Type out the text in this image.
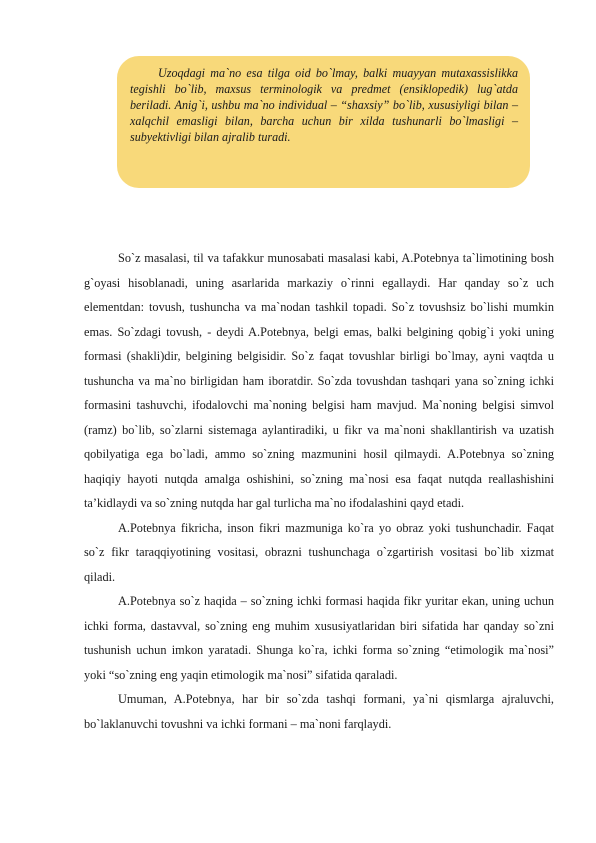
Uzoqdagi ma`no esa tilga oid bo`lmay, balki muayyan mutaxassislikka tegishli bo`lib, maxsus terminologik va predmet (ensiklopedik) lug`atda beriladi. Anig`i, ushbu ma`no individual – “shaxsiy” bo`lib, xususiyligi bilan – xalqchil emasligi bilan, barcha uchun bir xilda tushunarli bo`lmasligi – subyektivligi bilan ajralib turadi.

So`z masalasi, til va tafakkur munosabati masalasi kabi, A.Potebnya ta`limotining bosh g`oyasi hisoblanadi, uning asarlarida markaziy o`rinni egallaydi. Har qanday so`z uch elementdan: tovush, tushuncha va ma`nodan tashkil topadi. So`z tovushsiz bo`lishi mumkin emas. So`zdagi tovush, - deydi A.Potebnya, belgi emas, balki belgining qobig`i yoki uning formasi (shakli)dir, belgining belgisidir. So`z faqat tovushlar birligi bo`lmay, ayni vaqtda u tushuncha va ma`no birligidan ham iboratdir. So`zda tovushdan tashqari yana so`zning ichki formasini tashuvchi, ifodalovchi ma`noning belgisi ham mavjud. Ma`noning belgisi simvol (ramz) bo`lib, so`zlarni sistemaga aylantiradiki, u fikr va ma`noni shakllantirish va uzatish qobilyatiga ega bo`ladi, ammo so`zning mazmunini hosil qilmaydi. A.Potebnya so`zning haqiqiy hayoti nutqda amalga oshishini, so`zning ma`nosi esa faqat nutqda reallashishini ta’kidlaydi va so`zning nutqda har gal turlicha ma`no ifodalashini qayd etadi.

A.Potebnya fikricha, inson fikri mazmuniga ko`ra yo obraz yoki tushunchadir. Faqat so`z fikr taraqqiyotining vositasi, obrazni tushunchaga o`zgartirish vositasi bo`lib xizmat qiladi.

A.Potebnya so`z haqida – so`zning ichki formasi haqida fikr yuritar ekan, uning uchun ichki forma, dastavval, so`zning eng muhim xususiyatlaridan biri sifatida har qanday so`zni tushunish uchun imkon yaratadi. Shunga ko`ra, ichki forma so`zning “etimologik ma`nosi” yoki “so`zning eng yaqin etimologik ma`nosi” sifatida qaraladi.

Umuman, A.Potebnya, har bir so`zda tashqi formani, ya`ni qismlarga ajraluvchi, bo`laklanuvchi tovushni va ichki formani – ma`noni farqlaydi.
